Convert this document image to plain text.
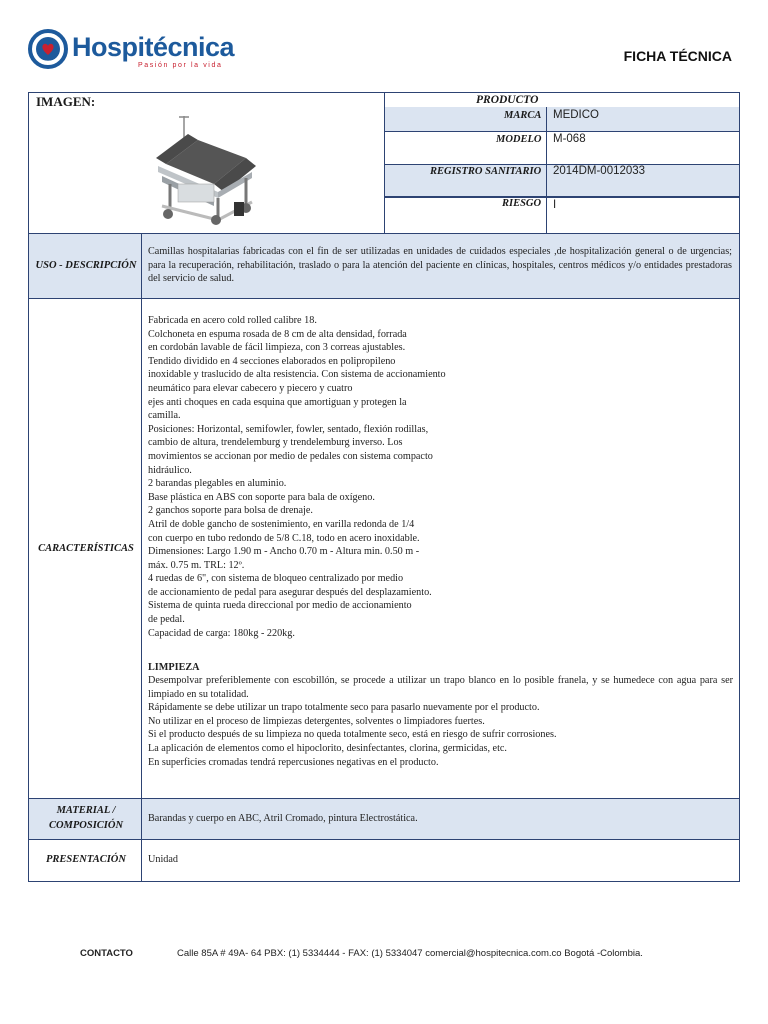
Hospitécnica
Pasión por la vida
FICHA TÉCNICA
IMAGEN:	PRODUCTO
MARCA MEDICO
MODELO M-068
REGISTRO SANITARIO 2014DM-0012033
RIESGO I
USO - DESCRIPCIÓN
Camillas hospitalarias fabricadas con el fin de ser utilizadas en unidades de cuidados especiales ,de hospitalización general o de urgencias; para la recuperación, rehabilitación, traslado o para la atención del paciente en clínicas, hospitales, centros médicos y/o entidades prestadoras del servicio de salud.
CARACTERÍSTICAS
Fabricada en acero cold rolled calibre 18.
Colchoneta en espuma rosada de 8 cm de alta densidad, forrada
en cordobán lavable de fácil limpieza, con 3 correas ajustables.
Tendido dividido en 4 secciones elaborados en polipropileno
inoxidable y traslucido de alta resistencia. Con sistema de accionamiento
neumático para elevar cabecero y piecero y cuatro
ejes anti choques en cada esquina que amortiguan y protegen la
camilla.
Posiciones: Horizontal, semifowler, fowler, sentado, flexión rodillas,
cambio de altura, trendelemburg y trendelemburg inverso. Los
movimientos se accionan por medio de pedales con sistema compacto
hidráulico.
2 barandas plegables en aluminio.
Base plástica en ABS con soporte para bala de oxígeno.
2 ganchos soporte para bolsa de drenaje.
Atril de doble gancho de sostenimiento, en varilla redonda de 1/4
con cuerpo en tubo redondo de 5/8 C.18, todo en acero inoxidable.
Dimensiones: Largo 1.90 m - Ancho 0.70 m - Altura min. 0.50 m -
máx. 0.75 m. TRL: 12º.
4 ruedas de 6", con sistema de bloqueo centralizado por medio
de accionamiento de pedal para asegurar después del desplazamiento.
Sistema de quinta rueda direccional por medio de accionamiento
de pedal.
Capacidad de carga: 180kg - 220kg.
LIMPIEZA
Desempolvar preferiblemente con escobillón, se procede a utilizar un trapo blanco en lo posible franela, y se humedece con agua para ser limpiado en su totalidad.
Rápidamente se debe utilizar un trapo totalmente seco para pasarlo nuevamente por el producto.
No utilizar en el proceso de limpiezas detergentes, solventes o limpiadores fuertes.
Si el producto después de su limpieza no queda totalmente seco, está en riesgo de sufrir corrosiones.
La aplicación de elementos como el hipoclorito, desinfectantes, clorina, germicidas, etc.
En superficies cromadas tendrá repercusiones negativas en el producto.
MATERIAL /
COMPOSICIÓN
Barandas y cuerpo en ABC, Atril Cromado, pintura Electrostática.
PRESENTACIÓN	Unidad
CONTACTO	Calle 85A # 49A- 64 PBX: (1) 5334444 - FAX: (1) 5334047 comercial@hospitecnica.com.co Bogotá -Colombia.
